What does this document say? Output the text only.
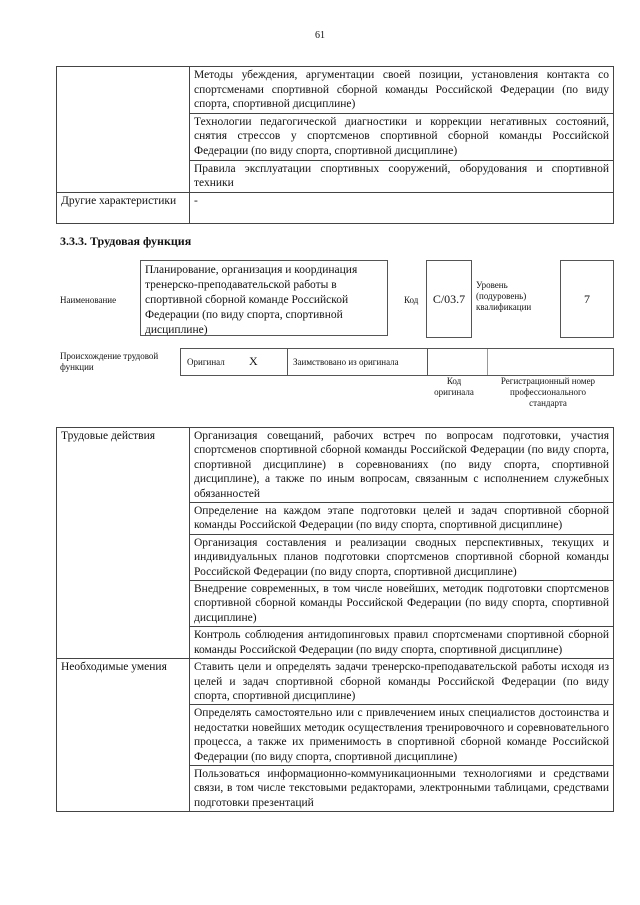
61
	Методы убеждения, аргументации своей позиции, установления контакта со спортсменами спортивной сборной команды Российской Федерации (по виду спорта, спортивной дисциплине)
	Технологии педагогической диагностики и коррекции негативных состояний, снятия стрессов у спортсменов спортивной сборной команды Российской Федерации (по виду спорта, спортивной дисциплине)
	Правила эксплуатации спортивных сооружений, оборудования и спортивной техники
Другие характеристики	-
3.3.3. Трудовая функция
Наименование
Планирование, организация и координация тренерско-преподавательской работы в спортивной сборной команде Российской Федерации (по виду спорта, спортивной дисциплине)
Код	C/03.7
Уровень (подуровень) квалификации
7
Происхождение трудовой функции	Оригинал X	Заимствовано из оригинала
Код оригинала
Регистрационный номер профессионального стандарта
Трудовые действия	Организация совещаний, рабочих встреч по вопросам подготовки, участия спортсменов спортивной сборной команды Российской Федерации (по виду спорта, спортивной дисциплине) в соревнованиях (по виду спорта, спортивной дисциплине), а также по иным вопросам, связанным с исполнением служебных обязанностей
	Определение на каждом этапе подготовки целей и задач спортивной сборной команды Российской Федерации (по виду спорта, спортивной дисциплине)
	Организация составления и реализации сводных перспективных, текущих и индивидуальных планов подготовки спортсменов спортивной сборной команды Российской Федерации (по виду спорта, спортивной дисциплине)
	Внедрение современных, в том числе новейших, методик подготовки спортсменов спортивной сборной команды Российской Федерации (по виду спорта, спортивной дисциплине)
	Контроль соблюдения антидопинговых правил спортсменами спортивной сборной команды Российской Федерации (по виду спорта, спортивной дисциплине)
Необходимые умения	Ставить цели и определять задачи тренерско-преподавательской работы исходя из целей и задач спортивной сборной команды Российской Федерации (по виду спорта, спортивной дисциплине)
	Определять самостоятельно или с привлечением иных специалистов достоинства и недостатки новейших методик осуществления тренировочного и соревновательного процесса, а также их применимость в спортивной сборной команде Российской Федерации (по виду спорта, спортивной дисциплине)
	Пользоваться информационно-коммуникационными технологиями и средствами связи, в том числе текстовыми редакторами, электронными таблицами, средствами подготовки презентаций
